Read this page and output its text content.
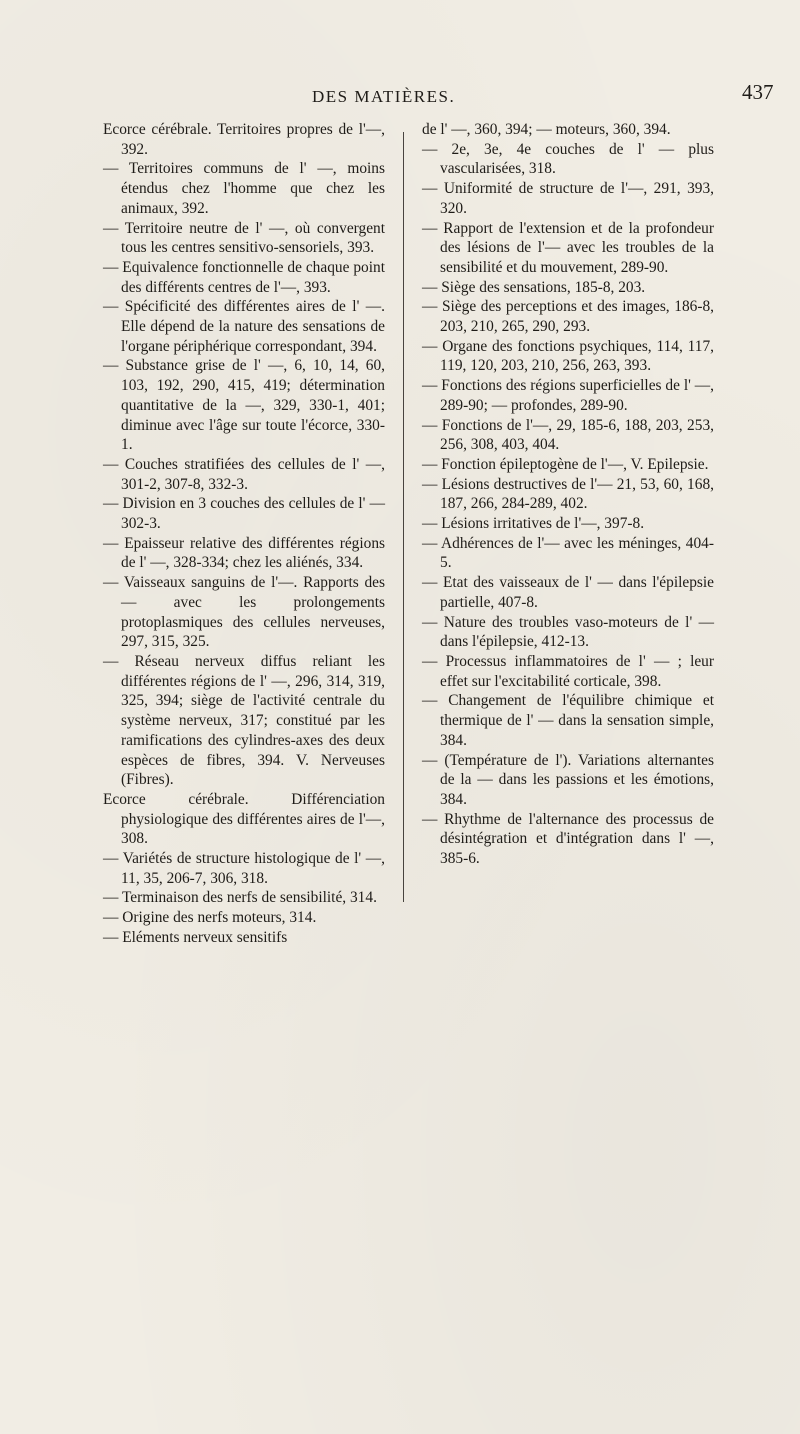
DES MATIÈRES.	437

Ecorce cérébrale. Territoires propres de l'—, 392.

— Territoires communs de l' —, moins étendus chez l'homme que chez les animaux, 392.

— Territoire neutre de l' —, où convergent tous les centres sensitivo-sensoriels, 393.

— Equivalence fonctionnelle de chaque point des différents centres de l'—, 393.

— Spécificité des différentes aires de l' —. Elle dépend de la nature des sensations de l'organe périphérique correspondant, 394.

— Substance grise de l' —, 6, 10, 14, 60, 103, 192, 290, 415, 419; détermination quantitative de la —, 329, 330-1, 401; diminue avec l'âge sur toute l'écorce, 330-1.

— Couches stratifiées des cellules de l' —, 301-2, 307-8, 332-3.

— Division en 3 couches des cellules de l' — 302-3.

— Epaisseur relative des différentes régions de l' —, 328-334; chez les aliénés, 334.

— Vaisseaux sanguins de l'—. Rapports des — avec les prolongements protoplasmiques des cellules nerveuses, 297, 315, 325.

— Réseau nerveux diffus reliant les différentes régions de l' —, 296, 314, 319, 325, 394; siège de l'activité centrale du système nerveux, 317; constitué par les ramifications des cylindres-axes des deux espèces de fibres, 394. V. Nerveuses (Fibres).

Ecorce cérébrale. Différenciation physiologique des différentes aires de l'—, 308.

— Variétés de structure histologique de l' —, 11, 35, 206-7, 306, 318.

— Terminaison des nerfs de sensibilité, 314.

— Origine des nerfs moteurs, 314.

— Eléments nerveux sensitifs

de l' —, 360, 394; — moteurs, 360, 394.

— 2e, 3e, 4e couches de l' — plus vascularisées, 318.

— Uniformité de structure de l'—, 291, 393, 320.

— Rapport de l'extension et de la profondeur des lésions de l'— avec les troubles de la sensibilité et du mouvement, 289-90.

— Siège des sensations, 185-8, 203.

— Siège des perceptions et des images, 186-8, 203, 210, 265, 290, 293.

— Organe des fonctions psychiques, 114, 117, 119, 120, 203, 210, 256, 263, 393.

— Fonctions des régions superficielles de l' —, 289-90; — profondes, 289-90.

— Fonctions de l'—, 29, 185-6, 188, 203, 253, 256, 308, 403, 404.

— Fonction épileptogène de l'—, V. Epilepsie.

— Lésions destructives de l'— 21, 53, 60, 168, 187, 266, 284-289, 402.

— Lésions irritatives de l'—, 397-8.

— Adhérences de l'— avec les méninges, 404-5.

— Etat des vaisseaux de l' — dans l'épilepsie partielle, 407-8.

— Nature des troubles vaso-moteurs de l' — dans l'épilepsie, 412-13.

— Processus inflammatoires de l' — ; leur effet sur l'excitabilité corticale, 398.

— Changement de l'équilibre chimique et thermique de l' — dans la sensation simple, 384.

— (Température de l'). Variations alternantes de la — dans les passions et les émotions, 384.

— Rhythme de l'alternance des processus de désintégration et d'intégration dans l' —, 385-6.
